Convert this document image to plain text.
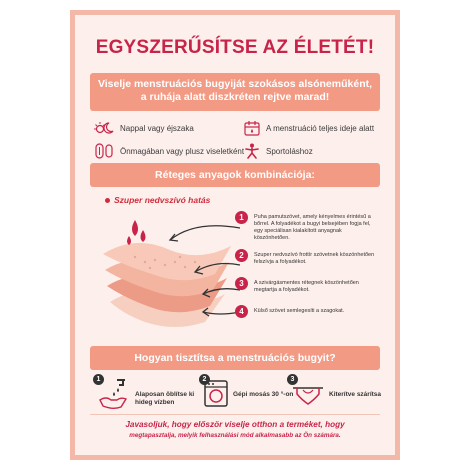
EGYSZERŰSÍTSE AZ ÉLETÉT!
Viselje menstruációs bugyiját szokásos alsóneműként,
a ruhája alatt diszkréten rejtve marad!
Nappal vagy éjszaka	A menstruáció teljes ideje alatt
Önmagában vagy plusz viseletként	Sportoláshoz
Réteges anyagok kombinációja:
Szuper nedvszívó hatás
1	Puha pamutszövet, amely kényelmes érintésű a bőrrel. A folyadékot a bugyi belsejében fogja fel, egy speciálisan kialakított anyagnak köszönhetően.
2	Szuper nedvszívó frottír szövetnek köszönhetően felszívja a folyadékot.
3	A szivárgásmentes rétegnek köszönhetően megtartja a folyadékot.
4	Külső szövet semlegesíti a szagokat.
Hogyan tisztítsa a menstruációs bugyit?
1
Alaposan öblítse ki
hideg vízben
2
Gépi mosás 30 °-on
3
Kiterítve szárítsa
Javasoljuk, hogy először viselje otthon a terméket, hogy
megtapasztalja, melyik felhasználási mód alkalmasabb az Ön számára.
